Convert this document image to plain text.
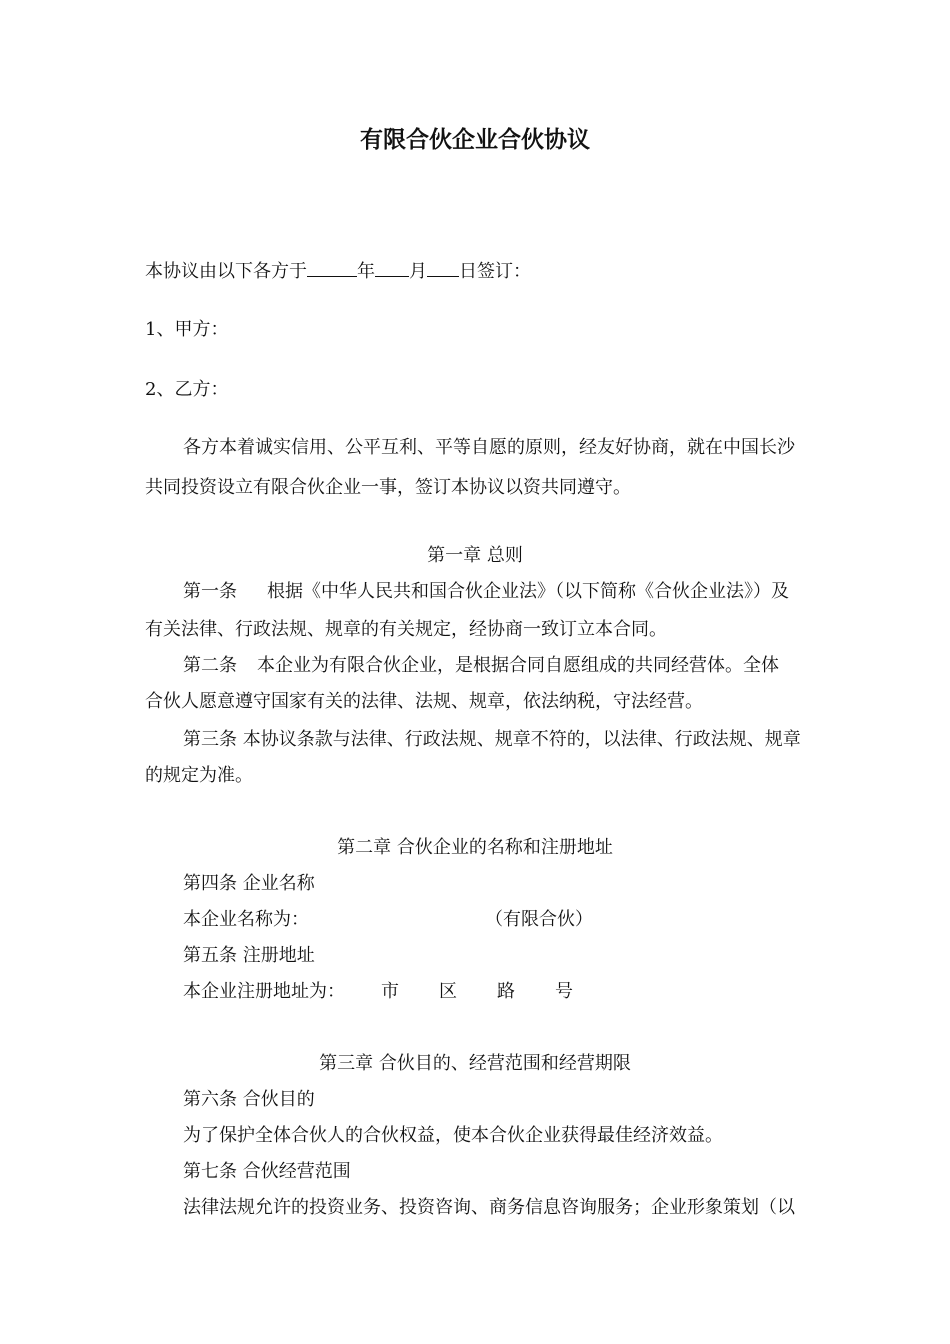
有限合伙企业合伙协议
本协议由以下各方于	年 月 日签订：
1、甲方：
2、乙方：
各方本着诚实信用、公平互利、平等自愿的原则，经友好协商，就在中国长沙
共同投资设立有限合伙企业一事，签订本协议以资共同遵守。
第一章 总则
第一条 根据《中华人民共和国合伙企业法》（以下简称《合伙企业法》）及
有关法律、行政法规、规章的有关规定，经协商一致订立本合同。
第二条 本企业为有限合伙企业，是根据合同自愿组成的共同经营体。全体
合伙人愿意遵守国家有关的法律、法规、规章，依法纳税，守法经营。
第三条 本协议条款与法律、行政法规、规章不符的，以法律、行政法规、规章
的规定为准。
第二章 合伙企业的名称和注册地址
第四条 企业名称
本企业名称为：	（有限合伙）
第五条 注册地址
本企业注册地址为： 市 区 路 号
第三章 合伙目的、经营范围和经营期限
第六条 合伙目的
为了保护全体合伙人的合伙权益，使本合伙企业获得最佳经济效益。
第七条 合伙经营范围
法律法规允许的投资业务、投资咨询、商务信息咨询服务；企业形象策划（以
